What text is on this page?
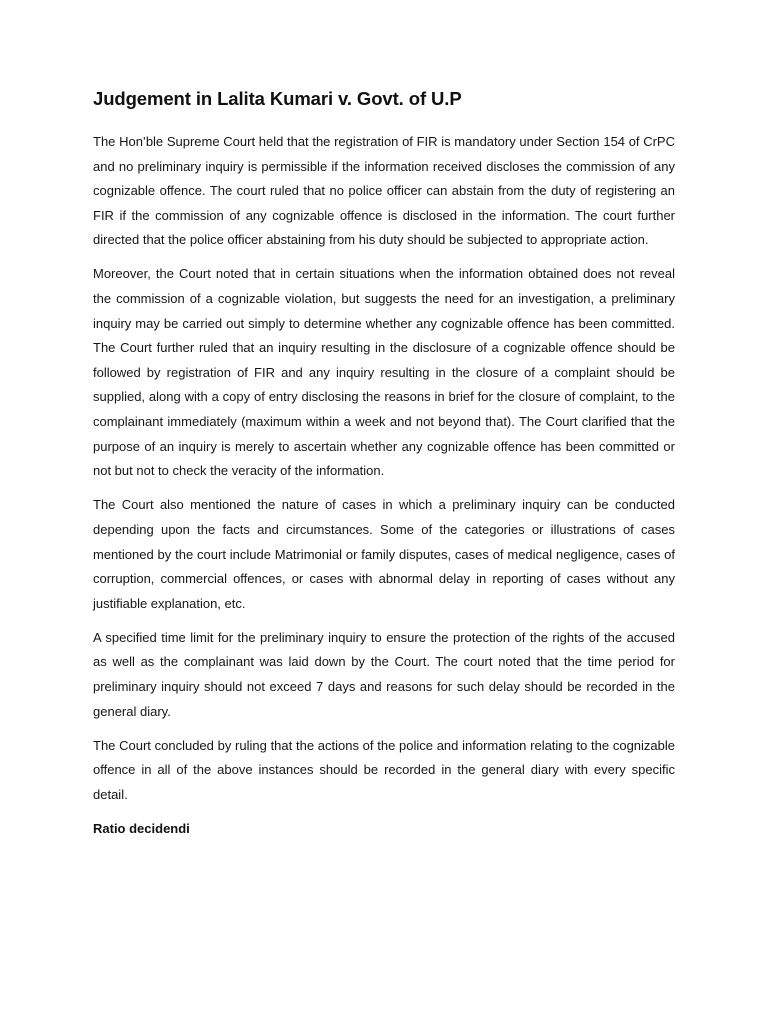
Judgement in Lalita Kumari v. Govt. of U.P

The Hon’ble Supreme Court held that the registration of FIR is mandatory under Section 154 of CrPC and no preliminary inquiry is permissible if the information received discloses the commission of any cognizable offence. The court ruled that no police officer can abstain from the duty of registering an FIR if the commission of any cognizable offence is disclosed in the information. The court further directed that the police officer abstaining from his duty should be subjected to appropriate action.

Moreover, the Court noted that in certain situations when the information obtained does not reveal the commission of a cognizable violation, but suggests the need for an investigation, a preliminary inquiry may be carried out simply to determine whether any cognizable offence has been committed. The Court further ruled that an inquiry resulting in the disclosure of a cognizable offence should be followed by registration of FIR and any inquiry resulting in the closure of a complaint should be supplied, along with a copy of entry disclosing the reasons in brief for the closure of complaint, to the complainant immediately (maximum within a week and not beyond that). The Court clarified that the purpose of an inquiry is merely to ascertain whether any cognizable offence has been committed or not but not to check the veracity of the information.

The Court also mentioned the nature of cases in which a preliminary inquiry can be conducted depending upon the facts and circumstances. Some of the categories or illustrations of cases mentioned by the court include Matrimonial or family disputes, cases of medical negligence, cases of corruption, commercial offences, or cases with abnormal delay in reporting of cases without any justifiable explanation, etc.

A specified time limit for the preliminary inquiry to ensure the protection of the rights of the accused as well as the complainant was laid down by the Court. The court noted that the time period for preliminary inquiry should not exceed 7 days and reasons for such delay should be recorded in the general diary.

The Court concluded by ruling that the actions of the police and information relating to the cognizable offence in all of the above instances should be recorded in the general diary with every specific detail.

Ratio decidendi
